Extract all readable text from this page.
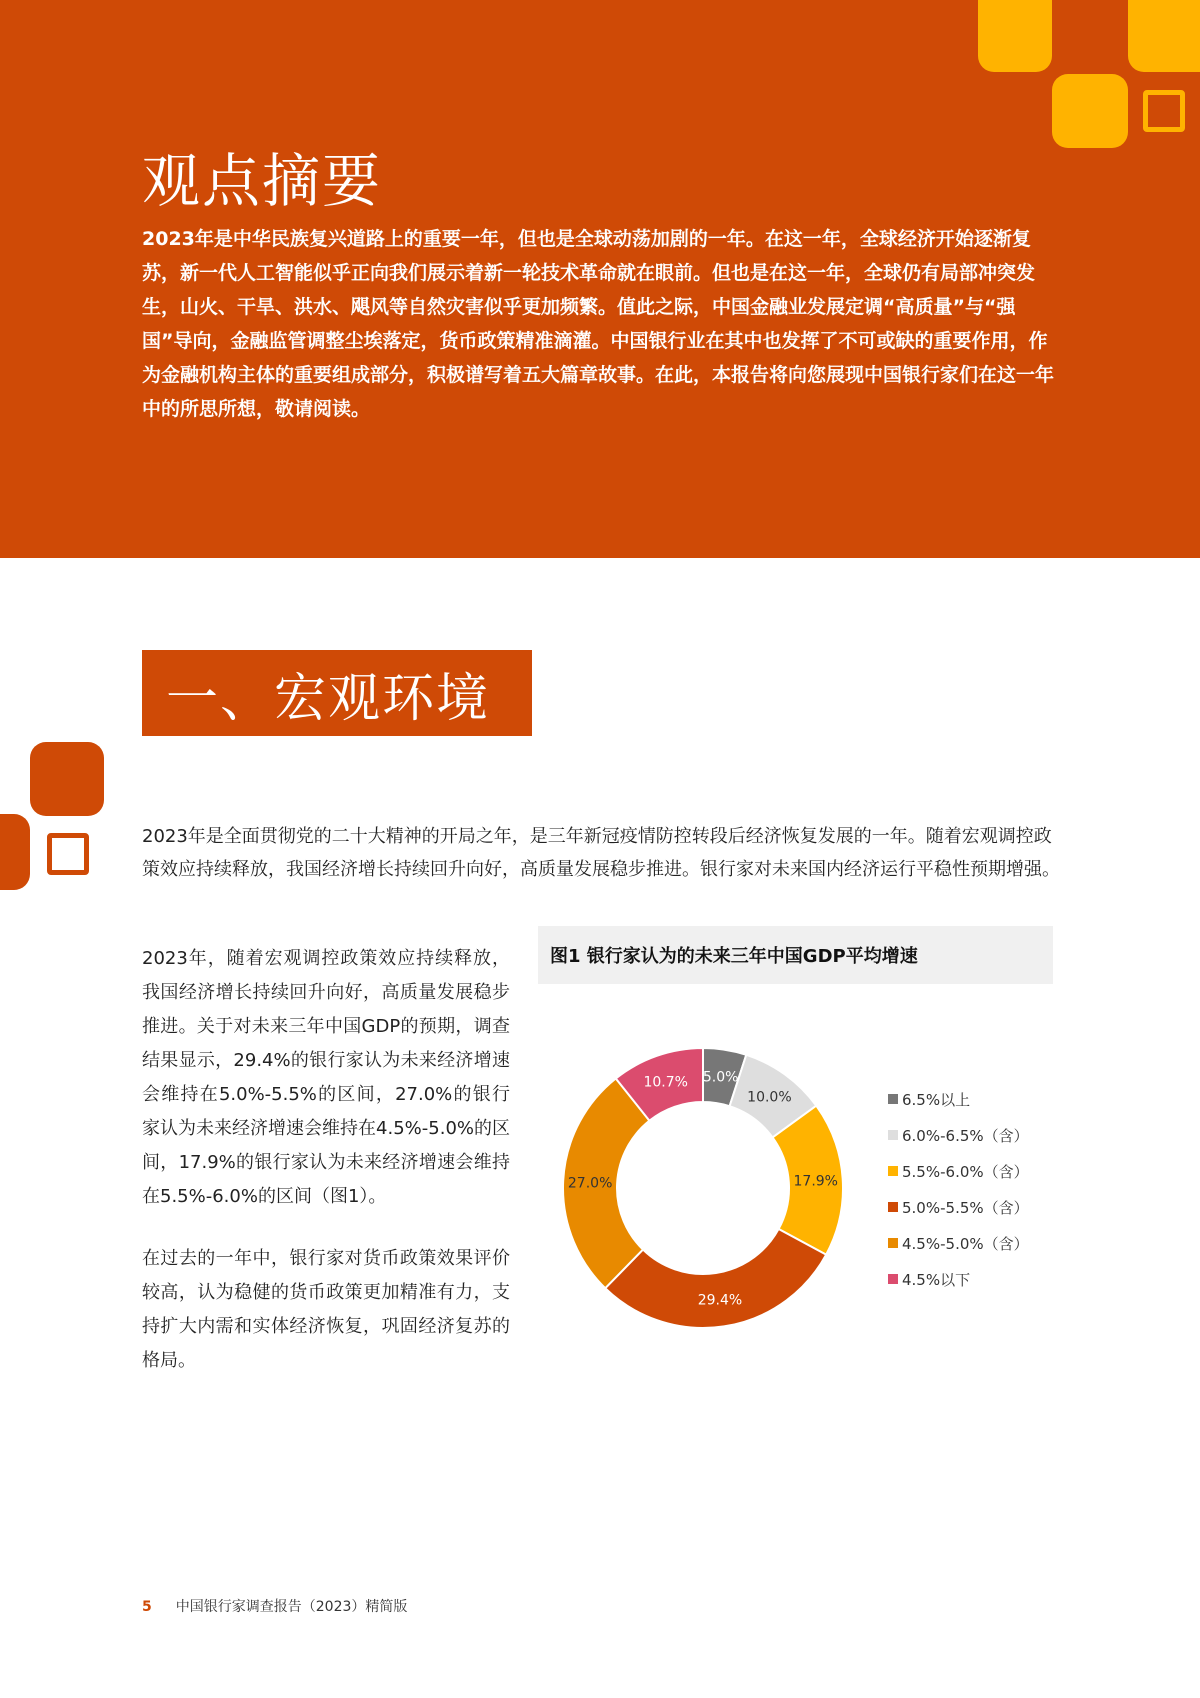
观点摘要

2023年是中华民族复兴道路上的重要一年，但也是全球动荡加剧的一年。在这一年，全球经济开始逐渐复苏，新一代人工智能似乎正向我们展示着新一轮技术革命就在眼前。但也是在这一年，全球仍有局部冲突发生，山火、干旱、洪水、飓风等自然灾害似乎更加频繁。值此之际，中国金融业发展定调“高质量”与“强国”导向，金融监管调整尘埃落定，货币政策精准滴灌。中国银行业在其中也发挥了不可或缺的重要作用，作为金融机构主体的重要组成部分，积极谱写着五大篇章故事。在此，本报告将向您展现中国银行家们在这一年中的所思所想，敬请阅读。

一、宏观环境

2023年是全面贯彻党的二十大精神的开局之年，是三年新冠疫情防控转段后经济恢复发展的一年。随着宏观调控政策效应持续释放，我国经济增长持续回升向好，高质量发展稳步推进。银行家对未来国内经济运行平稳性预期增强。

2023年，随着宏观调控政策效应持续释放，我国经济增长持续回升向好，高质量发展稳步推进。关于对未来三年中国GDP的预期，调查结果显示，29.4%的银行家认为未来经济增速会维持在5.0%-5.5%的区间，27.0%的银行家认为未来经济增速会维持在4.5%-5.0%的区间，17.9%的银行家认为未来经济增速会维持在5.5%-6.0%的区间（图1）。

在过去的一年中，银行家对货币政策效果评价较高，认为稳健的货币政策更加精准有力，支持扩大内需和实体经济恢复，巩固经济复苏的格局。

图1 银行家认为的未来三年中国GDP平均增速

5.0%
10.0%
17.9%
29.4%
27.0%
10.7%
6.5%以上
6.0%-6.5%（含）
5.5%-6.0%（含）
5.0%-5.5%（含）
4.5%-5.0%（含）
4.5%以下
5 中国银行家调查报告（2023）精简版
